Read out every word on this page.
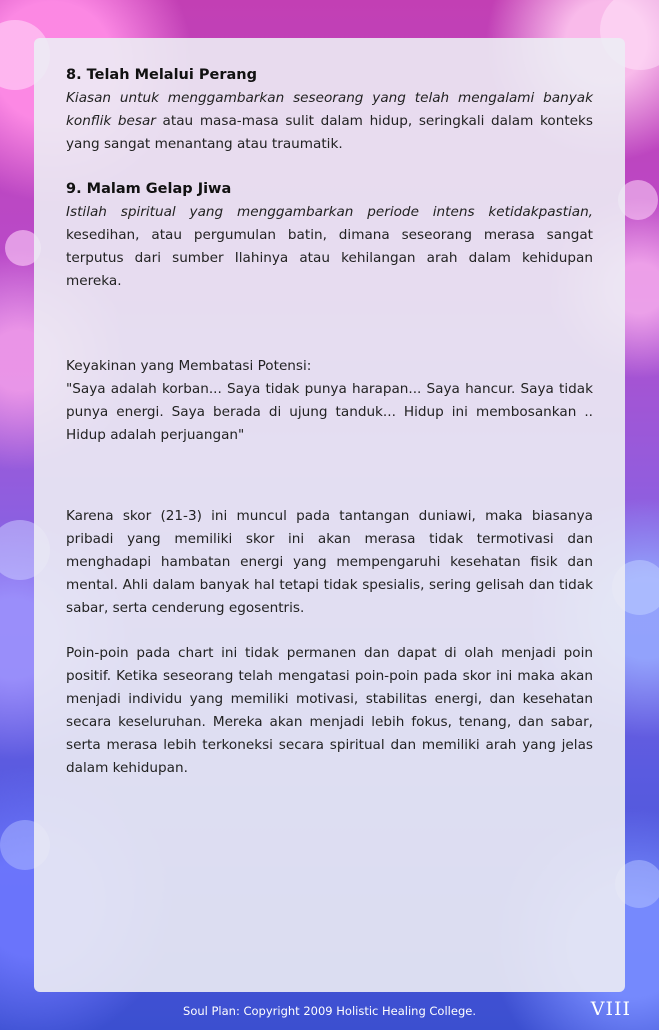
8. Telah Melalui Perang

Kiasan untuk menggambarkan seseorang yang telah mengalami banyak konflik besar atau masa-masa sulit dalam hidup, seringkali dalam konteks yang sangat menantang atau traumatik.

9. Malam Gelap Jiwa

Istilah spiritual yang menggambarkan periode intens ketidakpastian, kesedihan, atau pergumulan batin, dimana seseorang merasa sangat terputus dari sumber Ilahinya atau kehilangan arah dalam kehidupan mereka.

Keyakinan yang Membatasi Potensi:

"Saya adalah korban... Saya tidak punya harapan... Saya hancur. Saya tidak punya energi. Saya berada di ujung tanduk... Hidup ini membosankan .. Hidup adalah perjuangan"

Karena skor (21-3) ini muncul pada tantangan duniawi, maka biasanya pribadi yang memiliki skor ini akan merasa tidak termotivasi dan menghadapi hambatan energi yang mempengaruhi kesehatan fisik dan mental. Ahli dalam banyak hal tetapi tidak spesialis, sering gelisah dan tidak sabar, serta cenderung egosentris.

Poin-poin pada chart ini tidak permanen dan dapat di olah menjadi poin positif. Ketika seseorang telah mengatasi poin-poin pada skor ini maka akan menjadi individu yang memiliki motivasi, stabilitas energi, dan kesehatan secara keseluruhan. Mereka akan menjadi lebih fokus, tenang, dan sabar, serta merasa lebih terkoneksi secara spiritual dan memiliki arah yang jelas dalam kehidupan.

Soul Plan: Copyright 2009 Holistic Healing College.	VIII
